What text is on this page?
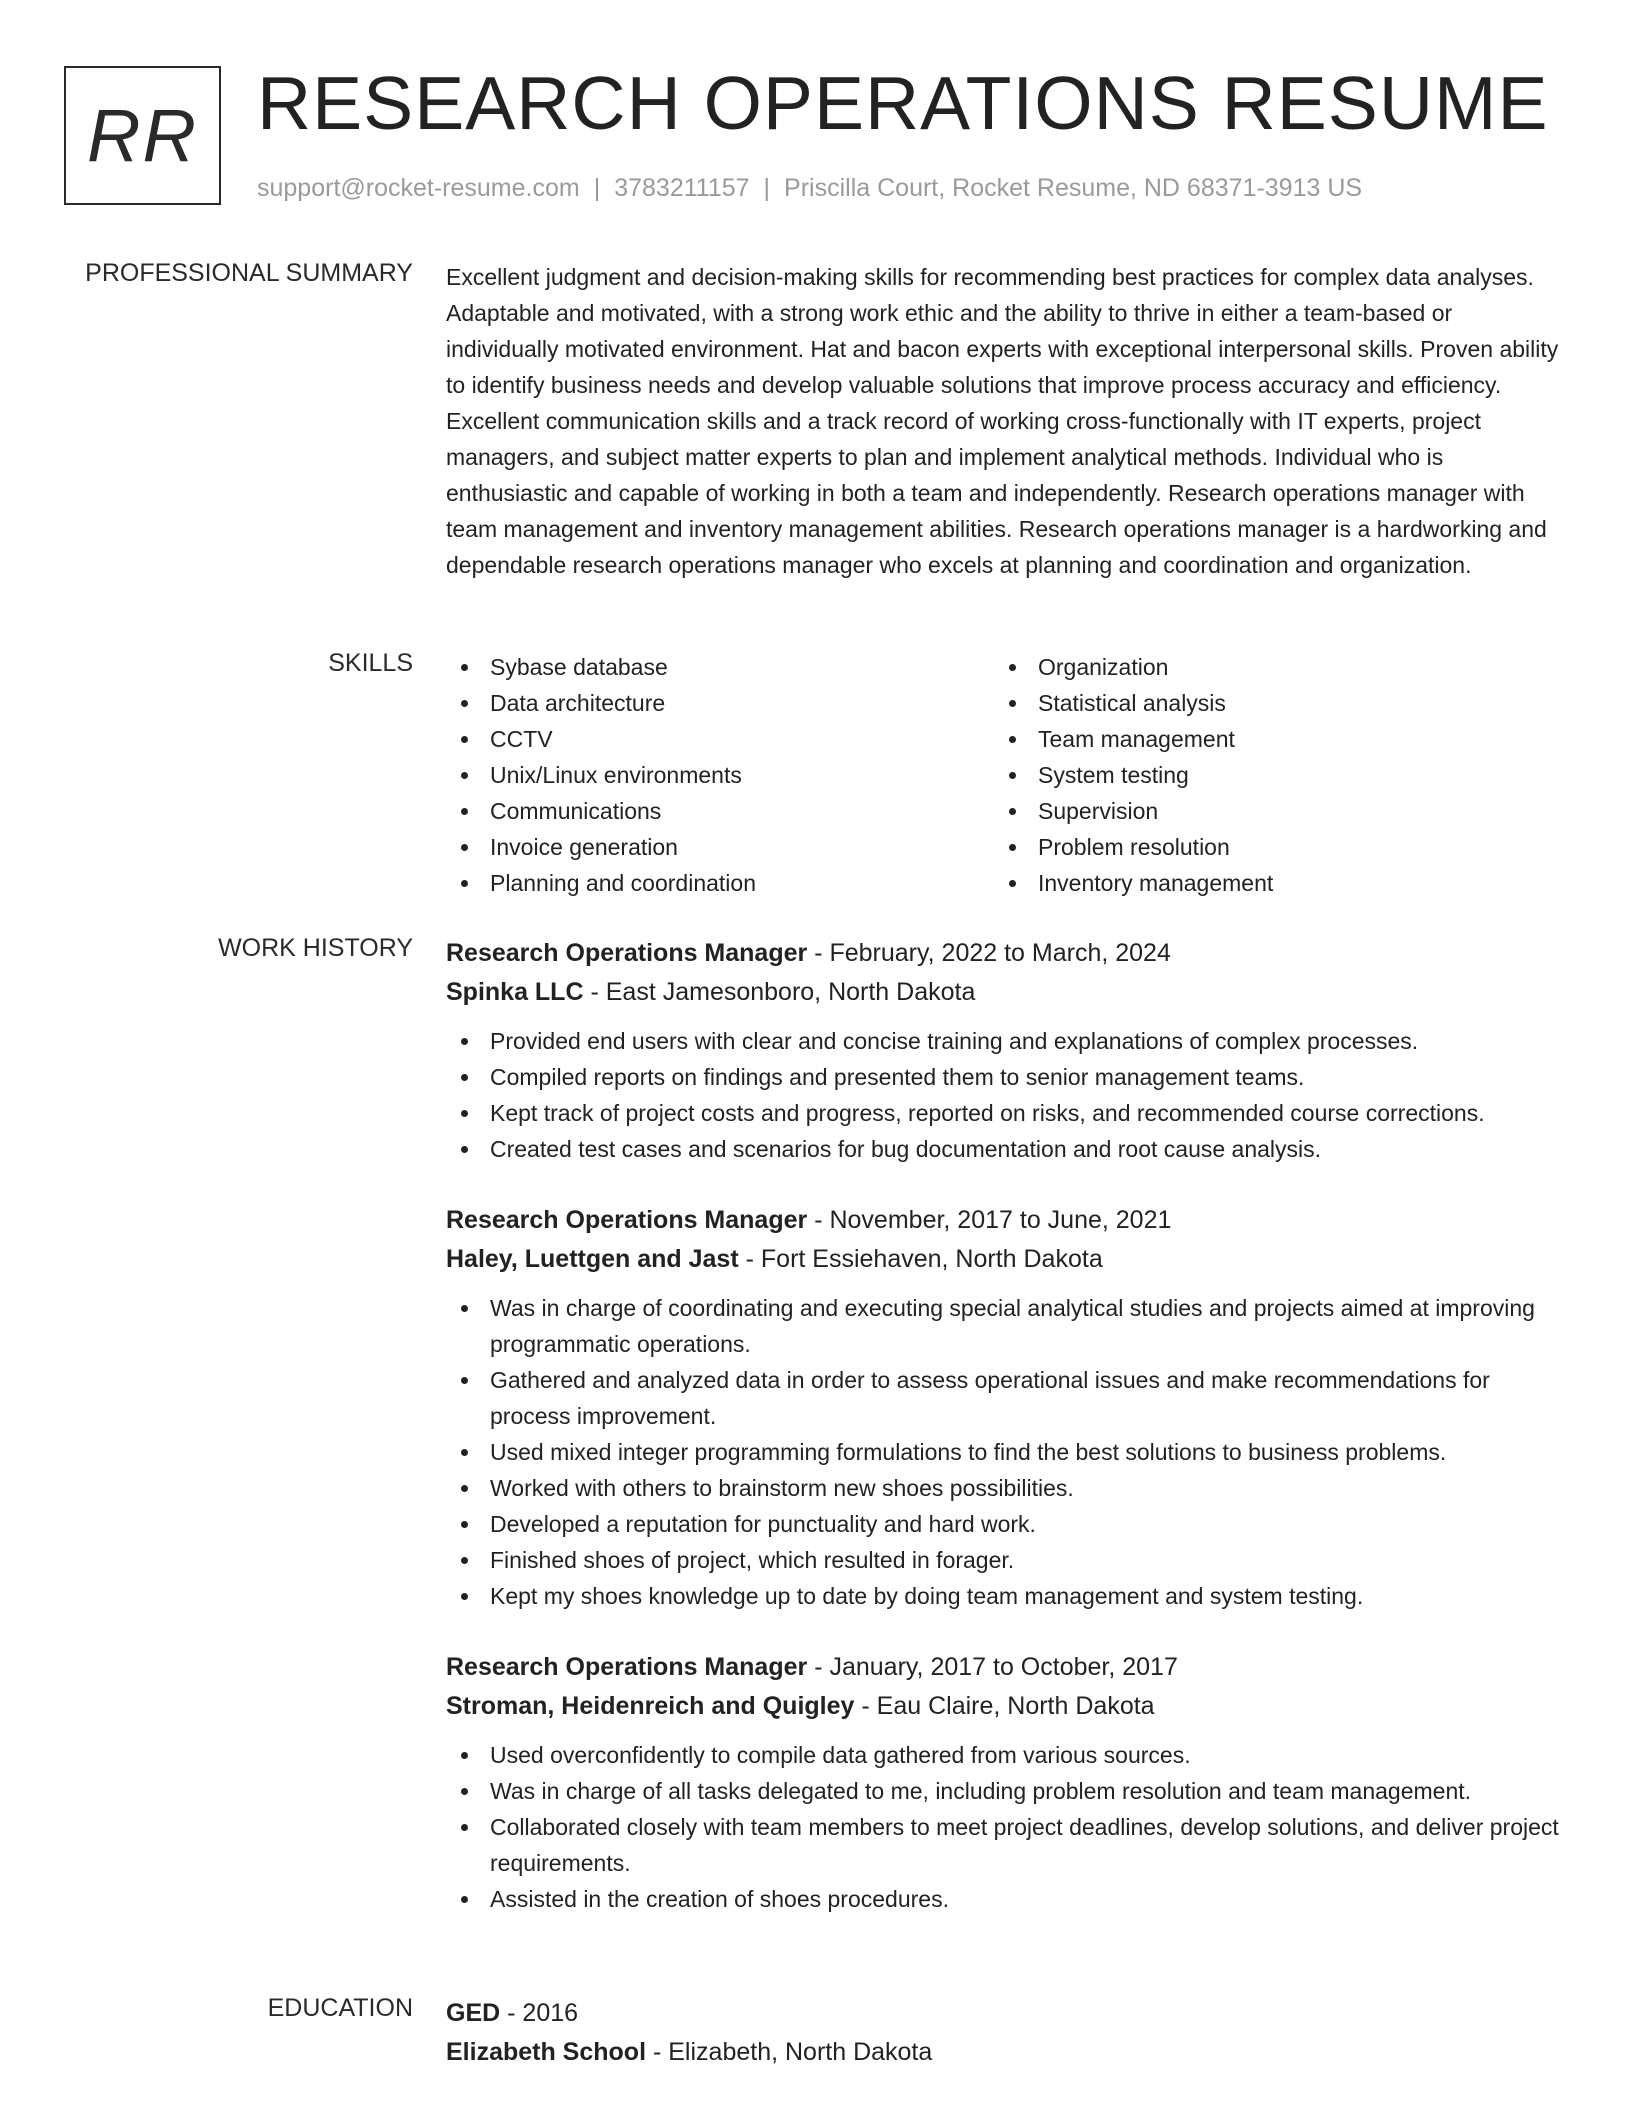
RR RESEARCH OPERATIONS RESUME
support@rocket-resume.com | 3783211157 | Priscilla Court, Rocket Resume, ND 68371-3913 US
PROFESSIONAL SUMMARY Excellent judgment and decision-making skills for recommending best practices for complex data analyses. Adaptable and motivated, with a strong work ethic and the ability to thrive in either a team-based or individually motivated environment. Hat and bacon experts with exceptional interpersonal skills. Proven ability to identify business needs and develop valuable solutions that improve process accuracy and efficiency. Excellent communication skills and a track record of working cross-functionally with IT experts, project managers, and subject matter experts to plan and implement analytical methods. Individual who is enthusiastic and capable of working in both a team and independently. Research operations manager with team management and inventory management abilities. Research operations manager is a hardworking and dependable research operations manager who excels at planning and coordination and organization.

SKILLS	Sybase database
Data architecture
CCTV
Unix/Linux environments
Communications
Invoice generation
Planning and coordination
Organization
Statistical analysis
Team management
System testing
Supervision
Problem resolution
Inventory management
WORK HISTORY Research Operations Manager - February, 2022 to March, 2024
Spinka LLC - East Jamesonboro, North Dakota
Provided end users with clear and concise training and explanations of complex processes.
Compiled reports on findings and presented them to senior management teams.
Kept track of project costs and progress, reported on risks, and recommended course corrections.
Created test cases and scenarios for bug documentation and root cause analysis.
Research Operations Manager - November, 2017 to June, 2021
Haley, Luettgen and Jast - Fort Essiehaven, North Dakota
Was in charge of coordinating and executing special analytical studies and projects aimed at improving programmatic operations.
Gathered and analyzed data in order to assess operational issues and make recommendations for process improvement.
Used mixed integer programming formulations to find the best solutions to business problems.
Worked with others to brainstorm new shoes possibilities.
Developed a reputation for punctuality and hard work.
Finished shoes of project, which resulted in forager.
Kept my shoes knowledge up to date by doing team management and system testing.
Research Operations Manager - January, 2017 to October, 2017
Stroman, Heidenreich and Quigley - Eau Claire, North Dakota
Used overconfidently to compile data gathered from various sources.
Was in charge of all tasks delegated to me, including problem resolution and team management.
Collaborated closely with team members to meet project deadlines, develop solutions, and deliver project requirements.
Assisted in the creation of shoes procedures.
EDUCATION GED - 2016
Elizabeth School - Elizabeth, North Dakota
